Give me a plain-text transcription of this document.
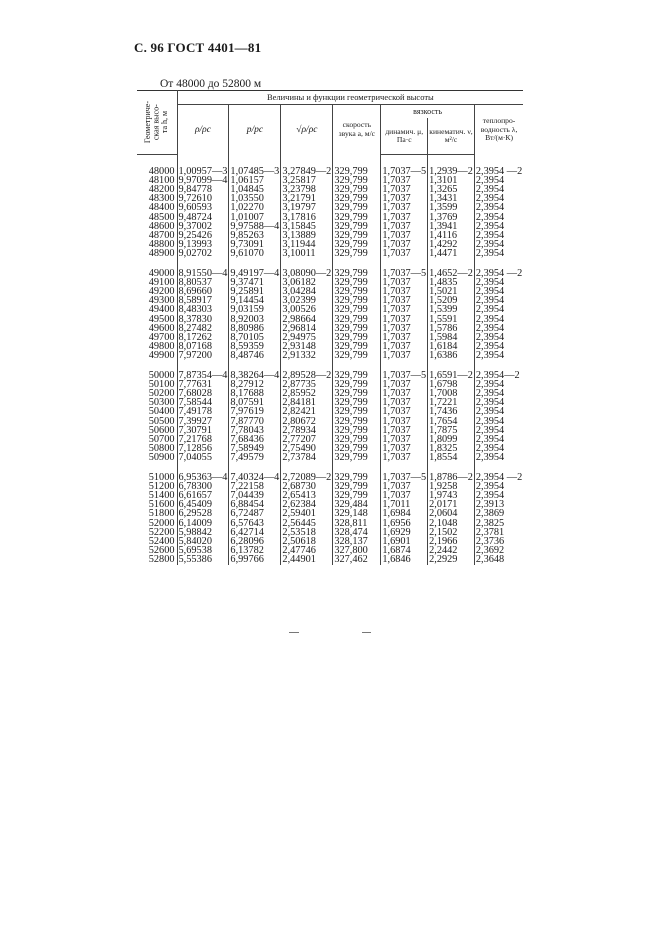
С. 96 ГОСТ 4401—81
От 48000 до 52800 м
Геометриче-
ская высо-
та h, м	Величины и функции геометрической высоты						
	ρ/ρс	p/pс	√ρ/ρс	скорость звука a, м/с	вязкость		теплопро-водность λ, Вт/(м·К)

					динамич. μ, Па·с	кинематич. ν, м²/с	

48000	1,00957—3	1,07485—3	3,27849—2	329,799	1,7037—5	1,2939—2	2,3954 —2
48100	9,97099—4	1,06157	3,25817	329,799	1,7037	1,3101	2,3954
48200	9,84778	1,04845	3,23798	329,799	1,7037	1,3265	2,3954
48300	9,72610	1,03550	3,21791	329,799	1,7037	1,3431	2,3954
48400	9,60593	1,02270	3,19797	329,799	1,7037	1,3599	2,3954
48500	9,48724	1,01007	3,17816	329,799	1,7037	1,3769	2,3954
48600	9,37002	9,97588—4	3,15845	329,799	1,7037	1,3941	2,3954
48700	9,25426	9,85263	3,13889	329,799	1,7037	1,4116	2,3954
48800	9,13993	9,73091	3,11944	329,799	1,7037	1,4292	2,3954
48900	9,02702	9,61070	3,10011	329,799	1,7037	1,4471	2,3954

49000	8,91550—4	9,49197—4	3,08090—2	329,799	1,7037—5	1,4652—2	2,3954 —2
49100	8,80537	9,37471	3,06182	329,799	1,7037	1,4835	2,3954
49200	8,69660	9,25891	3,04284	329,799	1,7037	1,5021	2,3954
49300	8,58917	9,14454	3,02399	329,799	1,7037	1,5209	2,3954
49400	8,48303	9,03159	3,00526	329,799	1,7037	1,5399	2,3954
49500	8,37830	8,92003	2,98664	329,799	1,7037	1,5591	2,3954
49600	8,27482	8,80986	2,96814	329,799	1,7037	1,5786	2,3954
49700	8,17262	8,70105	2,94975	329,799	1,7037	1,5984	2,3954
49800	8,07168	8,59359	2,93148	329,799	1,7037	1,6184	2,3954
49900	7,97200	8,48746	2,91332	329,799	1,7037	1,6386	2,3954

50000	7,87354—4	8,38264—4	2,89528—2	329,799	1,7037—5	1,6591—2	2,3954—2
50100	7,77631	8,27912	2,87735	329,799	1,7037	1,6798	2,3954
50200	7,68028	8,17688	2,85952	329,799	1,7037	1,7008	2,3954
50300	7,58544	8,07591	2,84181	329,799	1,7037	1,7221	2,3954
50400	7,49178	7,97619	2,82421	329,799	1,7037	1,7436	2,3954
50500	7,39927	7,87770	2,80672	329,799	1,7037	1,7654	2,3954
50600	7,30791	7,78043	2,78934	329,799	1,7037	1,7875	2,3954
50700	7,21768	7,68436	2,77207	329,799	1,7037	1,8099	2,3954
50800	7,12856	7,58949	2,75490	329,799	1,7037	1,8325	2,3954
50900	7,04055	7,49579	2,73784	329,799	1,7037	1,8554	2,3954

51000	6,95363—4	7,40324—4	2,72089—2	329,799	1,7037—5	1,8786—2	2,3954 —2
51200	6,78300	7,22158	2,68730	329,799	1,7037	1,9258	2,3954
51400	6,61657	7,04439	2,65413	329,799	1,7037	1,9743	2,3954
51600	6,45409	6,88454	2,62384	329,484	1,7011	2,0171	2,3913
51800	6,29528	6,72487	2,59401	329,148	1,6984	2,0604	2,3869
52000	6,14009	6,57643	2,56445	328,811	1,6956	2,1048	2,3825
52200	5,98842	6,42714	2,53518	328,474	1,6929	2,1502	2,3781
52400	5,84020	6,28096	2,50618	328,137	1,6901	2,1966	2,3736
52600	5,69538	6,13782	2,47746	327,800	1,6874	2,2442	2,3692
52800	5,55386	6,99766	2,44901	327,462	1,6846	2,2929	2,3648
